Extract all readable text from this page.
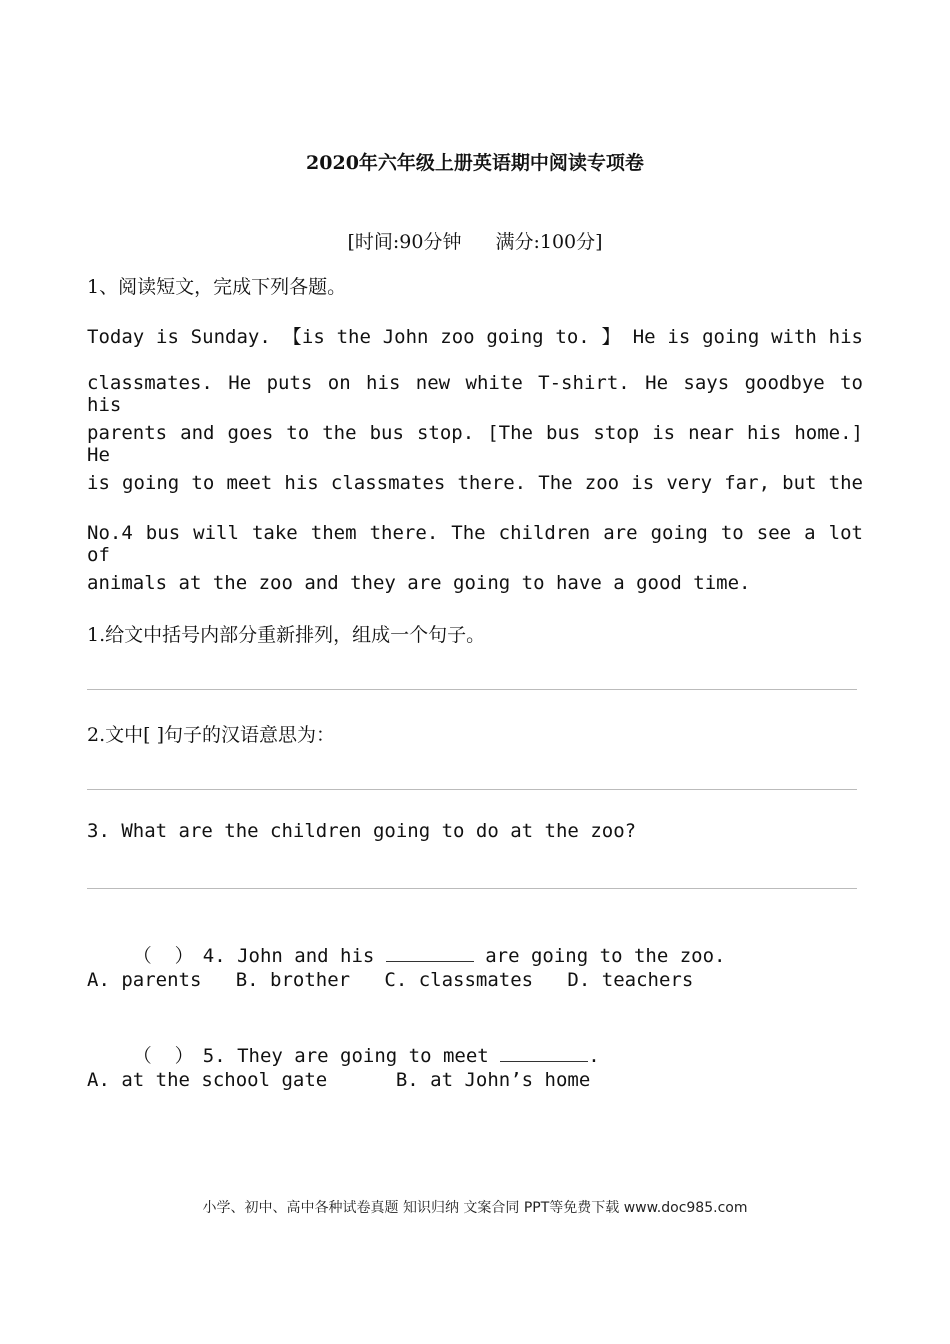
2020年六年级上册英语期中阅读专项卷
[时间:90分钟 满分:100分]
1、阅读短文，完成下列各题。
Today is Sunday. 【is the John zoo going to. 】 He is going with his
classmates. He puts on his new white T-shirt. He says goodbye to his
parents and goes to the bus stop. [The bus stop is near his home.] He
is going to meet his classmates there. The zoo is very far, but the
No.4 bus will take them there. The children are going to see a lot of
animals at the zoo and they are going to have a good time.
1.给文中括号内部分重新排列，组成一个句子。
2.文中[ ]句子的汉语意思为：
3. What are the children going to do at the zoo?

（  ） 4. John and his	are going to the zoo.

A. parents   B. brother   C. classmates   D. teachers

（  ） 5. They are going to meet	.

A. at the school gate      B. at John’s home
小学、初中、高中各种试卷真题 知识归纳 文案合同 PPT等免费下载 www.doc985.com
